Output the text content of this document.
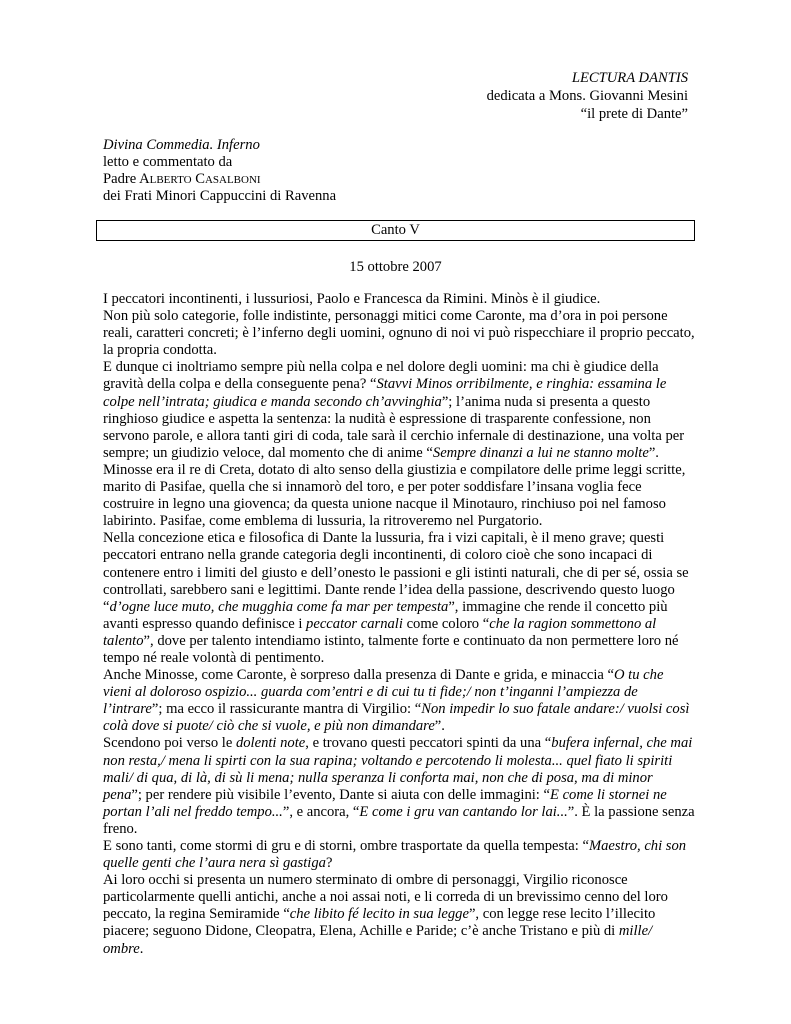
LECTURA DANTIS
dedicata a Mons. Giovanni Mesini
“il prete di Dante”
Divina Commedia. Inferno
letto e commentato da
Padre ALBERTO CASALBONI
dei Frati Minori Cappuccini di Ravenna
Canto V
15 ottobre 2007

I peccatori incontinenti, i lussuriosi, Paolo e Francesca da Rimini. Minòs è il giudice.

Non più solo categorie, folle indistinte, personaggi mitici come Caronte, ma d’ora in poi persone reali, caratteri concreti; è l’inferno degli uomini, ognuno di noi vi può rispecchiare il proprio peccato, la propria condotta.

E dunque ci inoltriamo sempre più nella colpa e nel dolore degli uomini: ma chi è giudice della gravità della colpa e della conseguente pena? “Stavvi Minos orribilmente, e ringhia: essamina le colpe nell’intrata; giudica e manda secondo ch’avvinghia”; l’anima nuda si presenta a questo ringhioso giudice e aspetta la sentenza: la nudità è espressione di trasparente confessione, non servono parole, e allora tanti giri di coda, tale sarà il cerchio infernale di destinazione, una volta per sempre; un giudizio veloce, dal momento che di anime “Sempre dinanzi a lui ne stanno molte”.

Minosse era il re di Creta, dotato di alto senso della giustizia e compilatore delle prime leggi scritte, marito di Pasifae, quella che si innamorò del toro, e per poter soddisfare l’insana voglia fece costruire in legno una giovenca; da questa unione nacque il Minotauro, rinchiuso poi nel famoso labirinto. Pasifae, come emblema di lussuria, la ritroveremo nel Purgatorio.

Nella concezione etica e filosofica di Dante la lussuria, fra i vizi capitali, è il meno grave; questi peccatori entrano nella grande categoria degli incontinenti, di coloro cioè che sono incapaci di contenere entro i limiti del giusto e dell’onesto le passioni e gli istinti naturali, che di per sé, ossia se controllati, sarebbero sani e legittimi. Dante rende l’idea della passione, descrivendo questo luogo “d’ogne luce muto, che mugghia come fa mar per tempesta”, immagine che rende il concetto più avanti espresso quando definisce i peccator carnali come coloro “che la ragion sommettono al talento”, dove per talento intendiamo istinto, talmente forte e continuato da non permettere loro né tempo né reale volontà di pentimento.

Anche Minosse, come Caronte, è sorpreso dalla presenza di Dante e grida, e minaccia “O tu che vieni al doloroso ospizio... guarda com’entri e di cui tu ti fide;/ non t’inganni l’ampiezza de l’intrare”; ma ecco il rassicurante mantra di Virgilio: “Non impedir lo suo fatale andare:/ vuolsi così colà dove si puote/ ciò che si vuole, e più non dimandare”.

Scendono poi verso le dolenti note, e trovano questi peccatori spinti da una “bufera infernal, che mai non resta,/ mena li spirti con la sua rapina; voltando e percotendo li molesta... quel fiato li spiriti mali/ di qua, di là, di sù li mena; nulla speranza li conforta mai, non che di posa, ma di minor pena”; per rendere più visibile l’evento, Dante si aiuta con delle immagini: “E come li stornei ne portan l’ali nel freddo tempo...”, e ancora, “E come i gru van cantando lor lai...”. È la passione senza freno.

E sono tanti, come stormi di gru e di storni, ombre trasportate da quella tempesta: “Maestro, chi son quelle genti che l’aura nera sì gastiga?

Ai loro occhi si presenta un numero sterminato di ombre di personaggi, Virgilio riconosce particolarmente quelli antichi, anche a noi assai noti, e li correda di un brevissimo cenno del loro peccato, la regina Semiramide “che libito fé lecito in sua legge”, con legge rese lecito l’illecito piacere; seguono Didone, Cleopatra, Elena, Achille e Paride; c’è anche Tristano e più di mille/ ombre.
